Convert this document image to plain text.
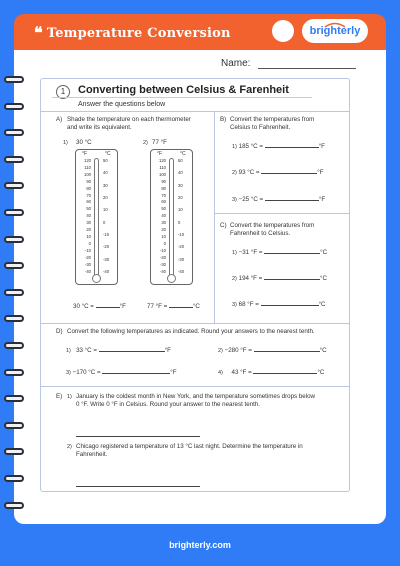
❝ Temperature Conversion	brighterly
Name:
1	Converting between Celsius & Farenheit
Answer the questions below
A) Shade the temperature on each thermometer
and write its equivalent.
1) 30 °C	2) 77 °F
°F	°C
120
110
100
90
80
70
60
50
40
30
20
10
0
-10
-20
-30
-40
50

40

30

20

10

0

-10

-20

-30

-40
°F	°C
120
110
100
90
80
70
60
50
40
30
20
10
0
-10
-20
-30
-40
50

40

30

20

10

0

-10

-20

-30

-40
30 °C =	°F	77 °F =	°C
B) Convert the temperatures from
Celsius to Fahrenheit.
1) 185 °C =	°F
2) 93 °C =	°F
3) −25 °C =	°F
C) Convert the temperatures from
Fahrenheit to Celsius.
1) −31 °F =	°C
2) 194 °F =	°C
3) 68 °F =	°C
D) Convert the following temperatures as indicated. Round your answers to the nearest tenth.
1) 33 °C =	°F	2) −280 °F =	°C
3) −170 °C =	°F	4) 43 °F =	°C
E) 1) January is the coldest month in New York, and the temperature sometimes drops below
0 °F. Write 0 °F in Celsius. Round your answer to the nearest tenth.
2) Chicago registered a temperature of 13 °C last night. Determine the temperature in
Fahrenheit.
brighterly.com
